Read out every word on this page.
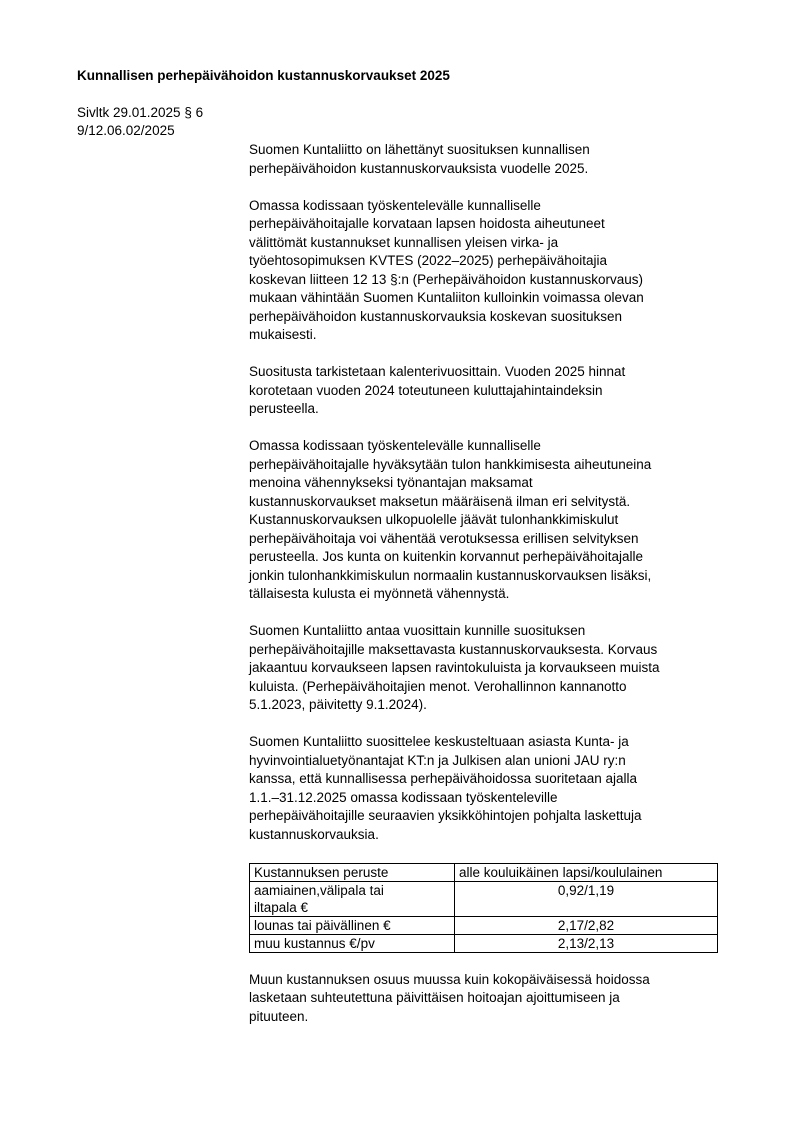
Kunnallisen perhepäivähoidon kustannuskorvaukset 2025
Sivltk 29.01.2025 § 6
9/12.06.02/2025
Suomen Kuntaliitto on lähettänyt suosituksen kunnallisen
perhepäivähoidon kustannuskorvauksista vuodelle 2025.
Omassa kodissaan työskentelevälle kunnalliselle
perhepäivähoitajalle korvataan lapsen hoidosta aiheutuneet
välittömät kustannukset kunnallisen yleisen virka- ja
työehtosopimuksen KVTES (2022–2025) perhepäivähoitajia
koskevan liitteen 12 13 §:n (Perhepäivähoidon kustannuskorvaus)
mukaan vähintään Suomen Kuntaliiton kulloinkin voimassa olevan
perhepäivähoidon kustannuskorvauksia koskevan suosituksen
mukaisesti.
Suositusta tarkistetaan kalenterivuosittain. Vuoden 2025 hinnat
korotetaan vuoden 2024 toteutuneen kuluttajahintaindeksin
perusteella.
Omassa kodissaan työskentelevälle kunnalliselle
perhepäivähoitajalle hyväksytään tulon hankkimisesta aiheutuneina
menoina vähennykseksi työnantajan maksamat
kustannuskorvaukset maksetun määräisenä ilman eri selvitystä.
Kustannuskorvauksen ulkopuolelle jäävät tulonhankkimiskulut
perhepäivähoitaja voi vähentää verotuksessa erillisen selvityksen
perusteella. Jos kunta on kuitenkin korvannut perhepäivähoitajalle
jonkin tulonhankkimiskulun normaalin kustannuskorvauksen lisäksi,
tällaisesta kulusta ei myönnetä vähennystä.
Suomen Kuntaliitto antaa vuosittain kunnille suosituksen
perhepäivähoitajille maksettavasta kustannuskorvauksesta. Korvaus
jakaantuu korvaukseen lapsen ravintokuluista ja korvaukseen muista
kuluista. (Perhepäivähoitajien menot. Verohallinnon kannanotto
5.1.2023, päivitetty 9.1.2024).
Suomen Kuntaliitto suosittelee keskusteltuaan asiasta Kunta- ja
hyvinvointialuetyönantajat KT:n ja Julkisen alan unioni JAU ry:n
kanssa, että kunnallisessa perhepäivähoidossa suoritetaan ajalla
1.1.–31.12.2025 omassa kodissaan työskenteleville
perhepäivähoitajille seuraavien yksikköhintojen pohjalta laskettuja
kustannuskorvauksia.
Kustannuksen peruste	alle kouluikäinen lapsi/koululainen

aamiainen,välipala tai
iltapala €	0,92/1,19

lounas tai päivällinen €	2,17/2,82

muu kustannus €/pv	2,13/2,13
Muun kustannuksen osuus muussa kuin kokopäiväisessä hoidossa
lasketaan suhteutettuna päivittäisen hoitoajan ajoittumiseen ja
pituuteen.
